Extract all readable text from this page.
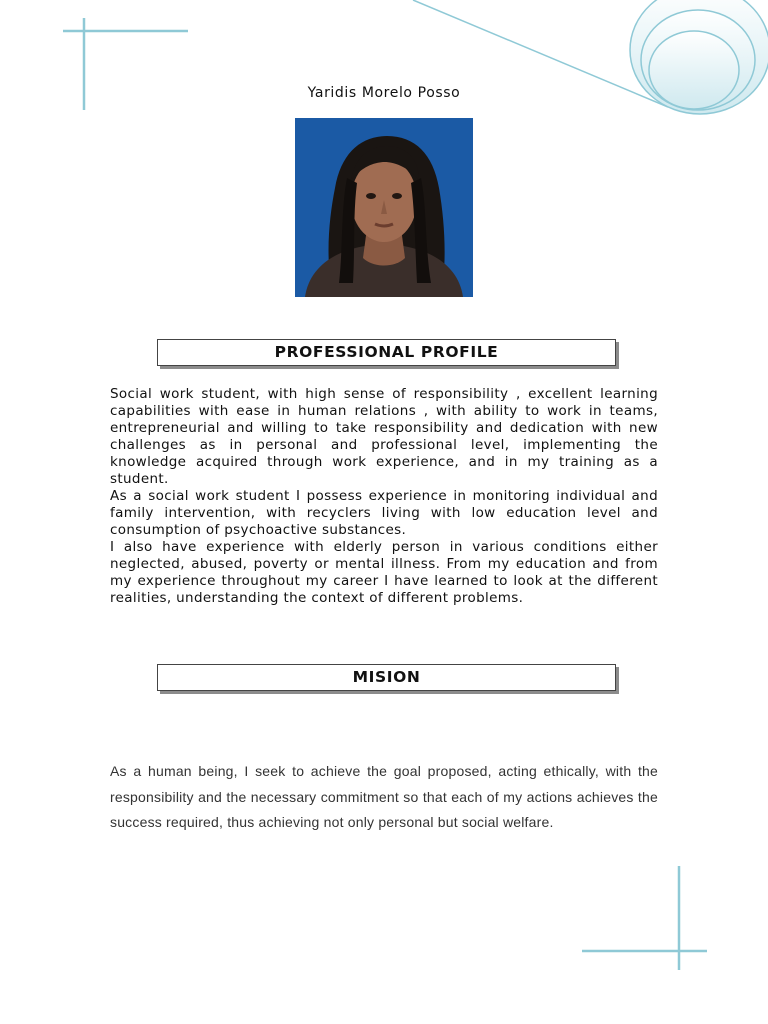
Yaridis Morelo Posso
PROFESSIONAL PROFILE

Social work student, with high sense of responsibility , excellent learning capabilities with ease in human relations , with ability to work in teams, entrepreneurial and willing to take responsibility and dedication with new challenges as in personal and professional level, implementing the knowledge acquired through work experience, and in my training as a student.

As a social work student I possess experience in monitoring individual and family intervention, with recyclers living with low education level and consumption of psychoactive substances.

I also have experience with elderly person in various conditions either neglected, abused, poverty or mental illness. From my education and from my experience throughout my career I have learned to look at the different realities, understanding the context of different problems.

MISION
As a human being, I seek to achieve the goal proposed, acting ethically, with the responsibility and the necessary commitment so that each of my actions achieves the success required, thus achieving not only personal but social welfare.
